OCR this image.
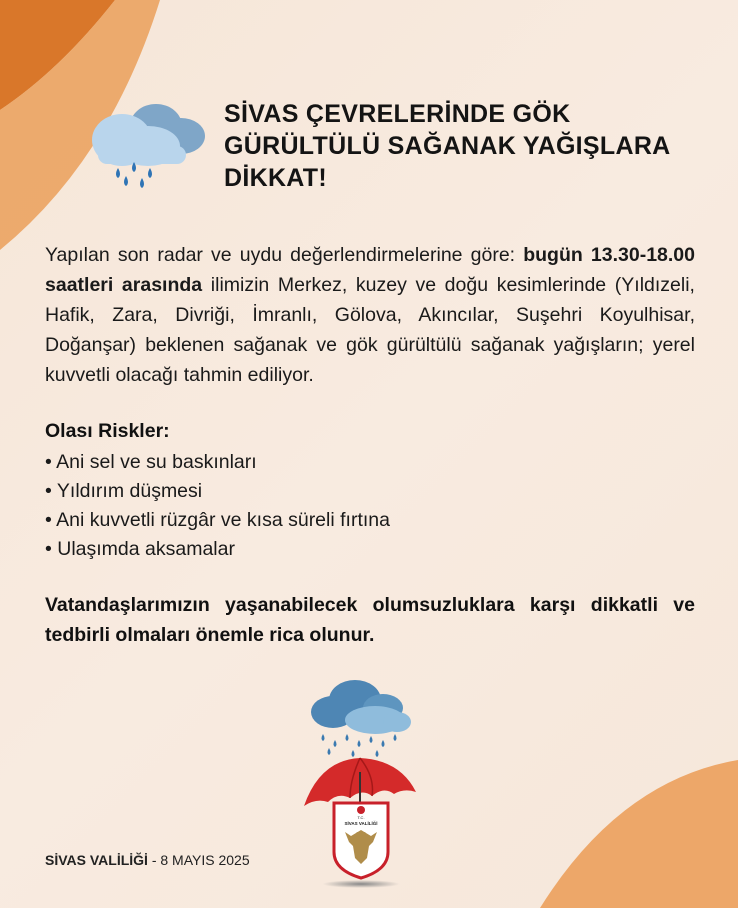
SİVAS ÇEVRELERİNDE GÖK GÜRÜLTÜLÜ SAĞANAK YAĞIŞLARA DİKKAT!
Yapılan son radar ve uydu değerlendirmelerine göre: bugün 13.30-18.00 saatleri arasında ilimizin Merkez, kuzey ve doğu kesimlerinde (Yıldızeli, Hafik, Zara, Divriği, İmranlı, Gölova, Akıncılar, Suşehri Koyulhisar, Doğanşar) beklenen sağanak ve gök gürültülü sağanak yağışların; yerel kuvvetli olacağı tahmin ediliyor.
Olası Riskler:
• Ani sel ve su baskınları
• Yıldırım düşmesi
• Ani kuvvetli rüzgâr ve kısa süreli fırtına
• Ulaşımda aksamalar
Vatandaşlarımızın yaşanabilecek olumsuzluklara karşı dikkatli ve tedbirli olmaları önemle rica olunur.
T.C.
SİVAS VALİLİĞİ
SİVAS VALİLİĞİ - 8 MAYIS 2025
